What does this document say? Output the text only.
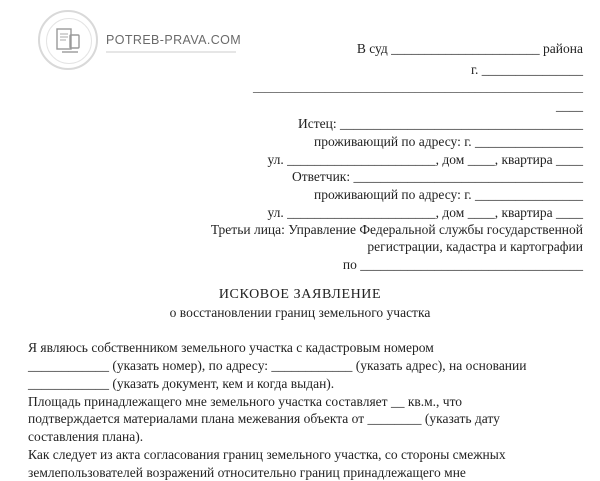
POTREB-PRAVA.COM
В суд ______________________ района
г. _______________
_______________________________________________________
____
Истец: ____________________________________
проживающий по адресу: г. ________________
ул. ______________________, дом ____, квартира ____
Ответчик: __________________________________
проживающий по адресу: г. ________________
ул. ______________________, дом ____, квартира ____
Третьи лица: Управление Федеральной службы государственной
регистрации, кадастра и картографии
по _________________________________
ИСКОВОЕ ЗАЯВЛЕНИЕ
о восстановлении границ земельного участка
Я являюсь собственником земельного участка с кадастровым номером
____________ (указать номер), по адресу: ____________ (указать адрес), на основании
____________ (указать документ, кем и когда выдан).
Площадь принадлежащего мне земельного участка составляет __ кв.м., что
подтверждается материалами плана межевания объекта от ________ (указать дату
составления плана).
Как следует из акта согласования границ земельного участка, со стороны смежных
землепользователей возражений относительно границ принадлежащего мне
